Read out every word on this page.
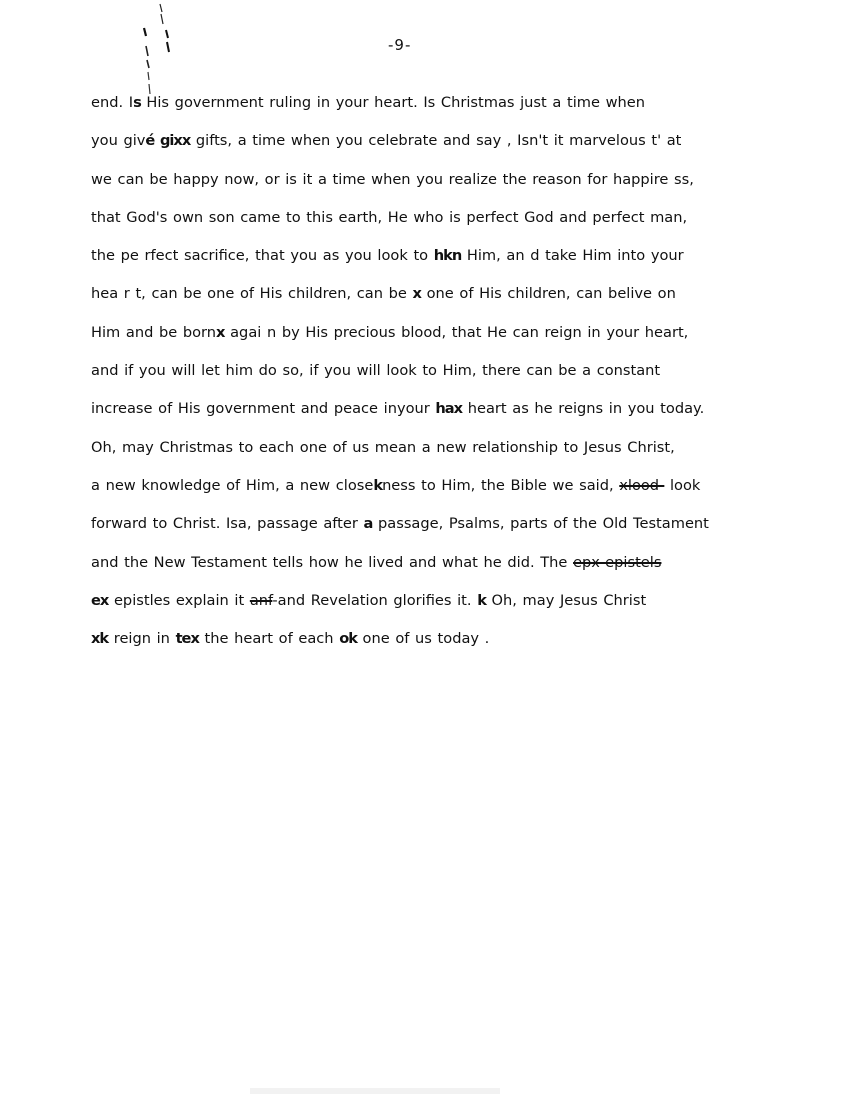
-9-
end. Is His government ruling in your heart. Is Christmas just a time when
you givé gixx gifts, a time when you celebrate and say , Isn't it marvelous t' at
we can be happy now, or is it a time when you realize the reason for happire ss,
that God's own son came to this earth, He who is perfect God and perfect man,
the pe rfect sacrifice, that you as you look to hkn Him, an d take Him into your
hea r t, can be one of His children, can be x one of His children, can belive on
Him and be bornx agai n by His precious blood, that He can reign in your heart,
and if you will let him do so, if you will look to Him, there can be a constant
increase of His government and peace inyour hax heart as he reigns in you today.
Oh, may Christmas to each one of us mean a new relationship to Jesus Christ,
a new knowledge of Him, a new closekness to Him, the Bible we said, xlood- look
forward to Christ. Isa, passage after a passage, Psalms, parts of the Old Testament
and the New Testament tells how he lived and what he did. The epx-epistels
ex epistles explain it anf-and Revelation glorifies it. k Oh, may Jesus Christ
xk reign in tex the heart of each ok one of us today .
